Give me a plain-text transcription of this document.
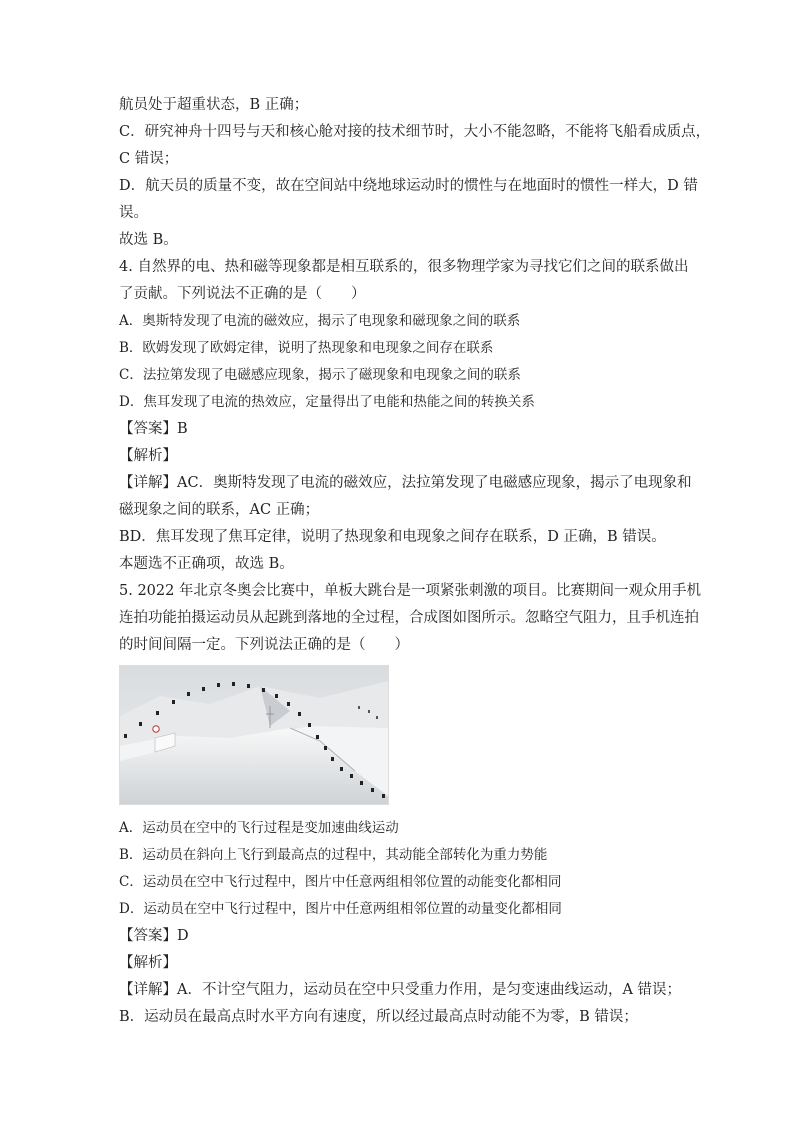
航员处于超重状态，B 正确；
C．研究神舟十四号与天和核心舱对接的技术细节时，大小不能忽略，不能将飞船看成质点，
C 错误；
D．航天员的质量不变，故在空间站中绕地球运动时的惯性与在地面时的惯性一样大，D 错
误。
故选 B。
4. 自然界的电、热和磁等现象都是相互联系的，很多物理学家为寻找它们之间的联系做出
了贡献。下列说法不正确的是（　　）
A．奥斯特发现了电流的磁效应，揭示了电现象和磁现象之间的联系
B．欧姆发现了欧姆定律，说明了热现象和电现象之间存在联系
C．法拉第发现了电磁感应现象，揭示了磁现象和电现象之间的联系
D．焦耳发现了电流的热效应，定量得出了电能和热能之间的转换关系
【答案】B
【解析】
【详解】AC．奥斯特发现了电流的磁效应，法拉第发现了电磁感应现象，揭示了电现象和
磁现象之间的联系，AC 正确；
BD．焦耳发现了焦耳定律，说明了热现象和电现象之间存在联系，D 正确，B 错误。
本题选不正确项，故选 B。
5. 2022 年北京冬奥会比赛中，单板大跳台是一项紧张刺激的项目。比赛期间一观众用手机
连拍功能拍摄运动员从起跳到落地的全过程，合成图如图所示。忽略空气阻力，且手机连拍
的时间间隔一定。下列说法正确的是（　　）
A．运动员在空中的飞行过程是变加速曲线运动
B．运动员在斜向上飞行到最高点的过程中，其动能全部转化为重力势能
C．运动员在空中飞行过程中，图片中任意两组相邻位置的动能变化都相同
D．运动员在空中飞行过程中，图片中任意两组相邻位置的动量变化都相同
【答案】D
【解析】
【详解】A．不计空气阻力，运动员在空中只受重力作用，是匀变速曲线运动，A 错误；
B．运动员在最高点时水平方向有速度，所以经过最高点时动能不为零，B 错误；
